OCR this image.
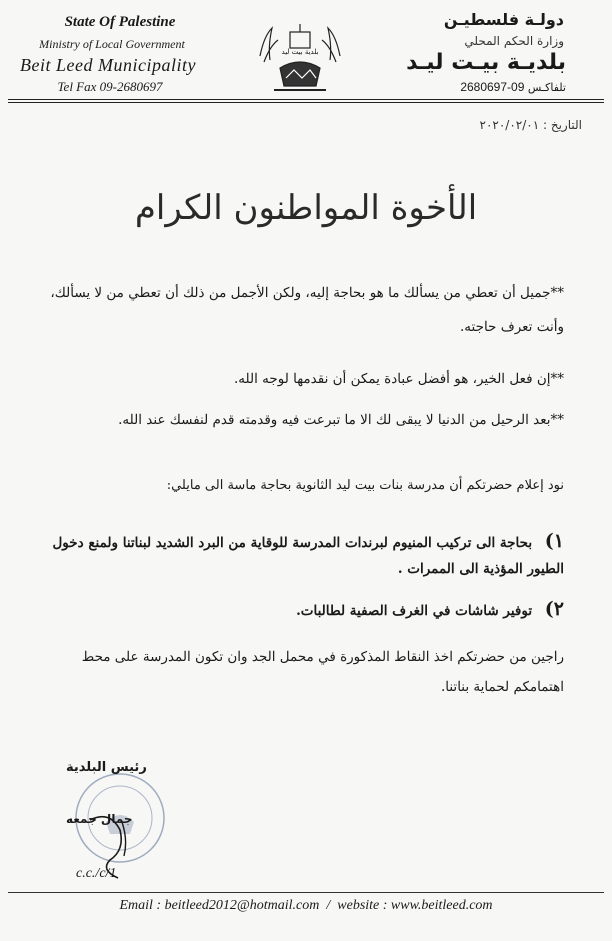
State Of Palestine
Ministry of Local Government
Beit Leed Municipality
Tel Fax 09-2680697
بلدية بيت ليد
دولـة فلسطيـن
وزارة الحكم المحلي
بلديـة بيـت ليـد
تلفاكـس 09-2680697
التاريخ : ٢٠٢٠/٠٢/٠١
الأخوة المواطنون الكرام
**جميل أن تعطي من يسألك ما هو بحاجة إليه، ولكن الأجمل من ذلك أن تعطي من لا يسألك، وأنت تعرف حاجته.
**إن فعل الخير، هو أفضل عبادة يمكن أن نقدمها لوجه الله.
**بعد الرحيل من الدنيا لا يبقى لك الا ما تبرعت فيه وقدمته قدم لنفسك عند الله.
نود إعلام حضرتكم أن مدرسة بنات بيت ليد الثانوية بحاجة ماسة الى مايلي:
١) بحاجة الى تركيب المنيوم لبرندات المدرسة للوقاية من البرد الشديد لبناتنا ولمنع دخول الطيور المؤذية الى الممرات .
٢) توفير شاشات في الغرف الصفية لطالبات.
راجين من حضرتكم اخذ النقاط المذكورة في محمل الجد وان تكون المدرسة على محط اهتمامكم لحماية بناتنا.
رئيس البلدية
جمال جمعه
c.c./c/1
Email : beitleed2012@hotmail.com / website : www.beitleed.com
